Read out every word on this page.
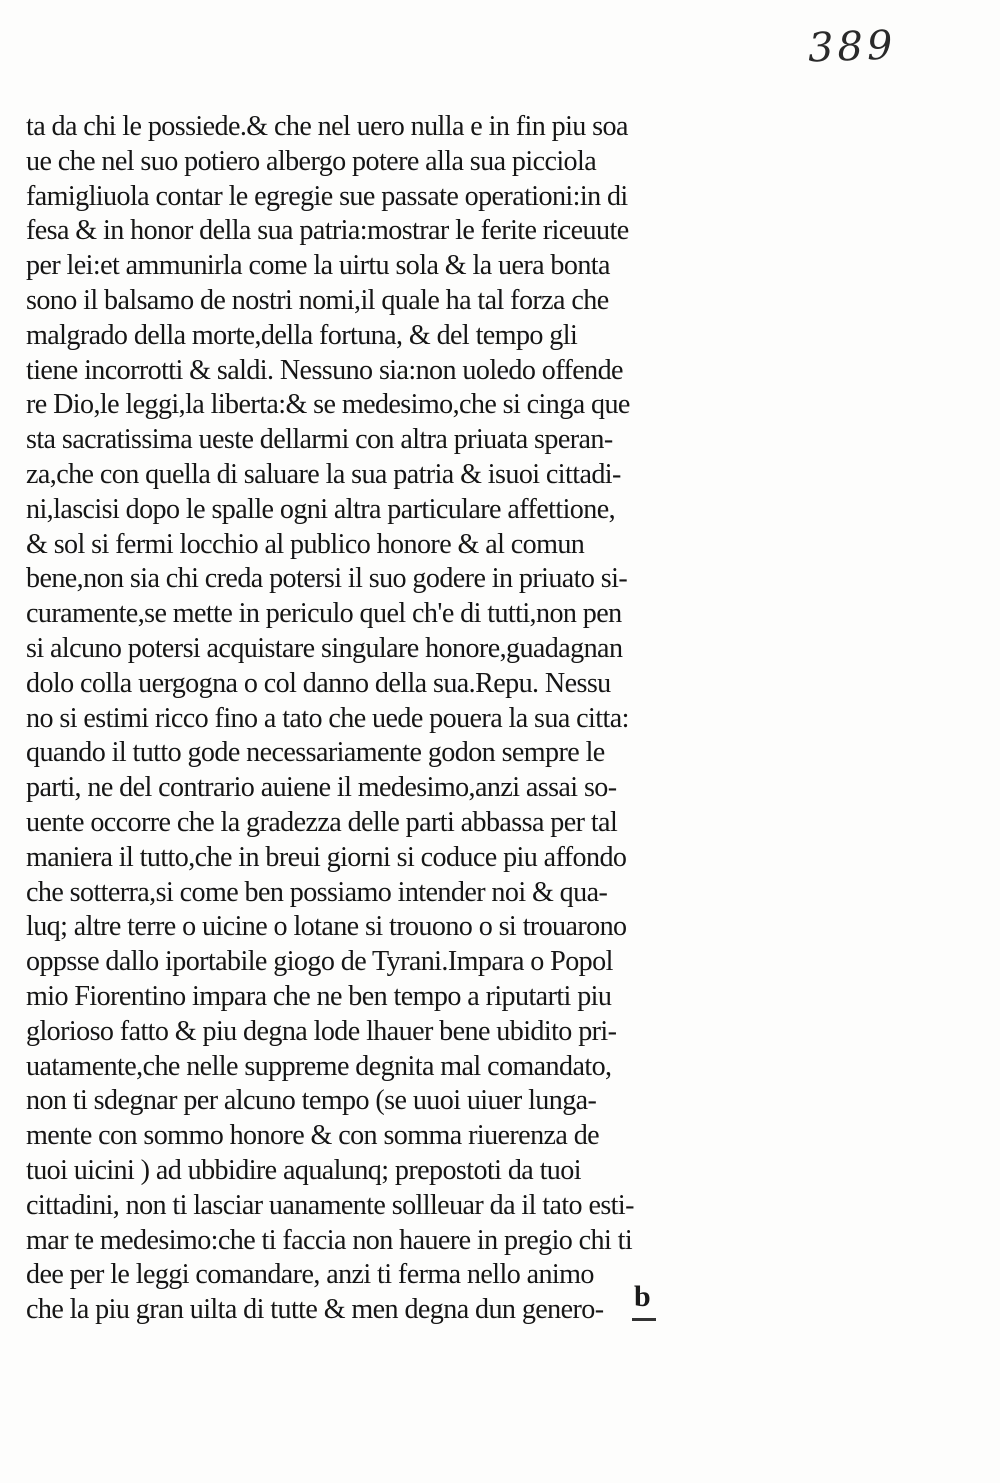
389
ta da chi le possiede.& che nel uero nulla e in fin piu soa
ue che nel suo potiero albergo potere alla sua picciola
famigliuola contar le egregie sue passate operationi:in di
fesa & in honor della sua patria:mostrar le ferite riceuute
per lei:et ammunirla come la uirtu sola & la uera bonta
sono il balsamo de nostri nomi,il quale ha tal forza che
malgrado della morte,della fortuna, & del tempo gli
tiene incorrotti & saldi. Nessuno sia:non uoledo offende
re Dio,le leggi,la liberta:& se medesimo,che si cinga que
sta sacratissima ueste dellarmi con altra priuata speran-
za,che con quella di saluare la sua patria & isuoi cittadi-
ni,lascisi dopo le spalle ogni altra particulare affettione,
& sol si fermi locchio al publico honore & al comun
bene,non sia chi creda potersi il suo godere in priuato si-
curamente,se mette in periculo quel ch'e di tutti,non pen
si alcuno potersi acquistare singulare honore,guadagnan
dolo colla uergogna o col danno della sua.Repu. Nessu
no si estimi ricco fino a tato che uede pouera la sua citta:
quando il tutto gode necessariamente godon sempre le
parti, ne del contrario auiene il medesimo,anzi assai so-
uente occorre che la gradezza delle parti abbassa per tal
maniera il tutto,che in breui giorni si coduce piu affondo
che sotterra,si come ben possiamo intender noi & qua-
luq; altre terre o uicine o lotane si trouono o si trouarono
oppsse dallo iportabile giogo de Tyrani.Impara o Popol
mio Fiorentino impara che ne ben tempo a riputarti piu
glorioso fatto & piu degna lode lhauer bene ubidito pri-
uatamente,che nelle suppreme degnita mal comandato,
non ti sdegnar per alcuno tempo (se uuoi uiuer lunga-
mente con sommo honore & con somma riuerenza de
tuoi uicini ) ad ubbidire aqualunq; prepostoti da tuoi
cittadini, non ti lasciar uanamente sollleuar da il tato esti-
mar te medesimo:che ti faccia non hauere in pregio chi ti
dee per le leggi comandare, anzi ti ferma nello animo
che la piu gran uilta di tutte & men degna dun genero-	b
